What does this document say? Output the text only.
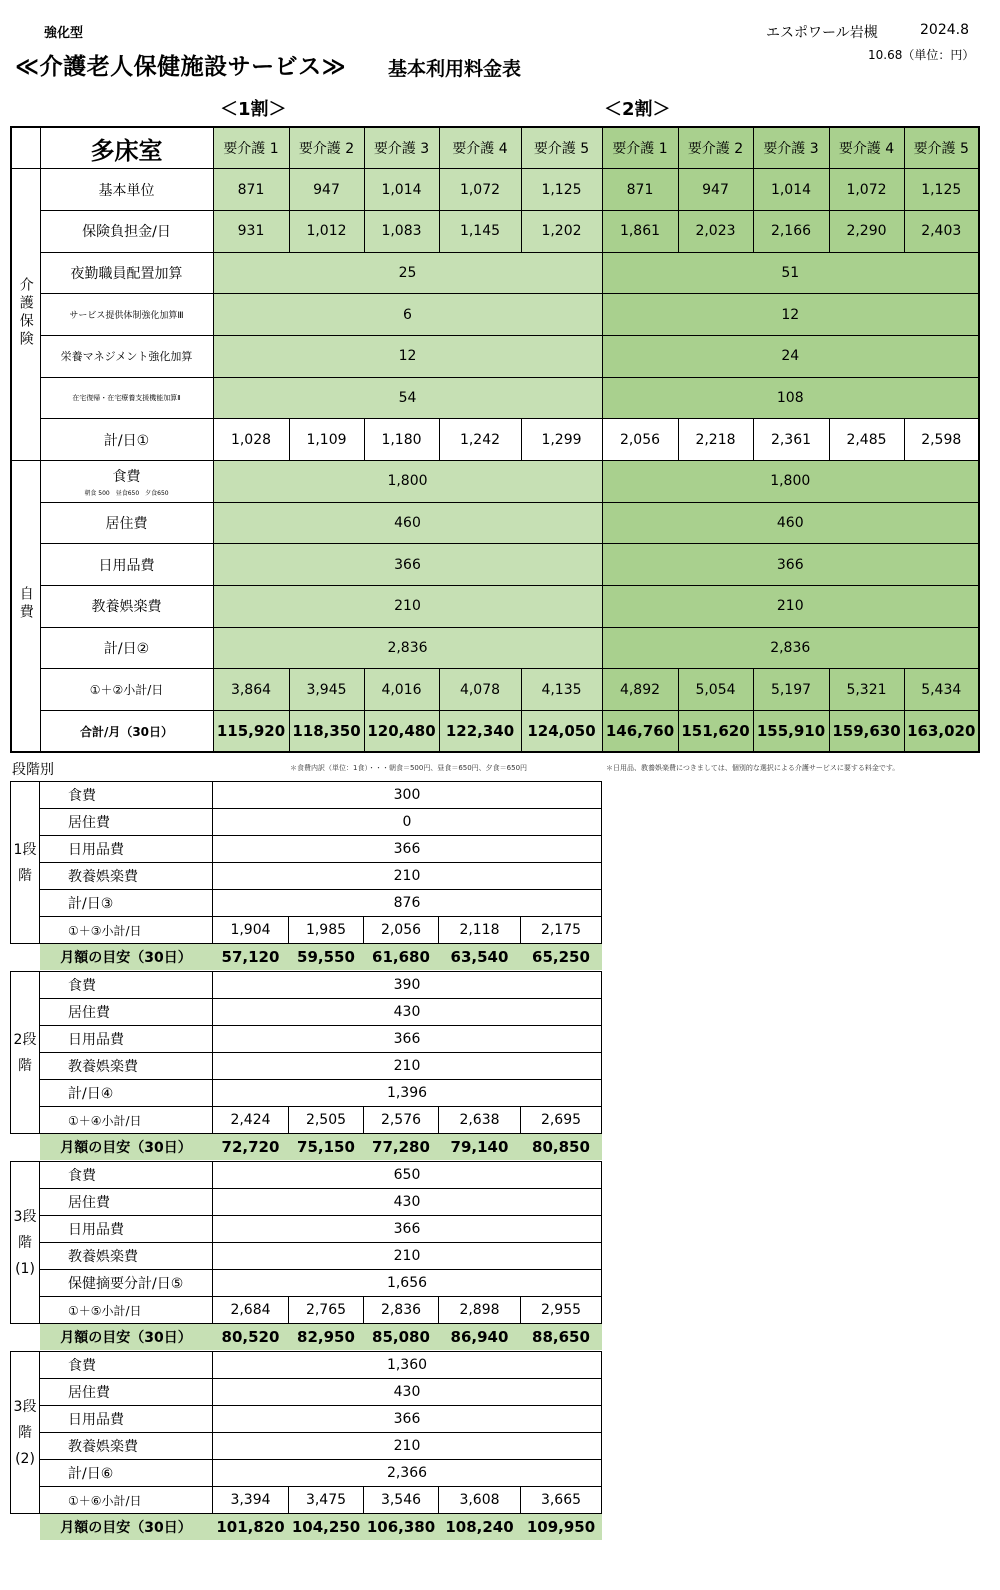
強化型
≪介護老人保健施設サービス≫ 基本利用料金表
エスポワール岩槻	2024.8
10.68（単位：円）
＜1割＞	＜2割＞
	多床室	要介護 1	要介護 2	要介護 3	要介護 4	要介護 5	要介護 1	要介護 2	要介護 3	要介護 4	要介護 5
介護保険	基本単位	871	947	1,014	1,072	1,125	871	947	1,014	1,072	1,125
	保険負担金/日	931	1,012	1,083	1,145	1,202	1,861	2,023	2,166	2,290	2,403
	夜勤職員配置加算	25					51				
	サービス提供体制強化加算Ⅲ	6					12				
	栄養マネジメント強化加算	12					24				
	在宅復帰・在宅療養支援機能加算Ⅱ	54					108				
	計/日①	1,028	1,109	1,180	1,242	1,299	2,056	2,218	2,361	2,485	2,598
自費	食費
朝食 500　昼食650　夕食650	1,800					1,800				
	居住費	460					460				
	日用品費	366					366				
	教養娯楽費	210					210				
	計/日②	2,836					2,836				
	①＋②小計/日	3,864	3,945	4,016	4,078	4,135	4,892	5,054	5,197	5,321	5,434
	合計/月（30日）	115,920	118,350	120,480	122,340	124,050	146,760	151,620	155,910	159,630	163,020
段階別	＊食費内訳（単位：1食）・・・朝食＝500円、昼食＝650円、夕食＝650円	＊日用品、教養娯楽費につきましては、個別的な選択による介護サービスに要する料金です。
1段階	食費	300				
	居住費	0				
	日用品費	366				
	教養娯楽費	210				
	計/日③	876				
	①＋③小計/日	1,904	1,985	2,056	2,118	2,175
	月額の目安（30日）	57,120	59,550	61,680	63,540	65,250
2段階	食費	390				
	居住費	430				
	日用品費	366				
	教養娯楽費	210				
	計/日④	1,396				
	①＋④小計/日	2,424	2,505	2,576	2,638	2,695
	月額の目安（30日）	72,720	75,150	77,280	79,140	80,850
3段階(1)	食費	650				
	居住費	430				
	日用品費	366				
	教養娯楽費	210				
	保健摘要分計/日⑤	1,656				
	①＋⑤小計/日	2,684	2,765	2,836	2,898	2,955
	月額の目安（30日）	80,520	82,950	85,080	86,940	88,650
3段階(2)	食費	1,360				
	居住費	430				
	日用品費	366				
	教養娯楽費	210				
	計/日⑥	2,366				
	①＋⑥小計/日	3,394	3,475	3,546	3,608	3,665
	月額の目安（30日）	101,820	104,250	106,380	108,240	109,950
